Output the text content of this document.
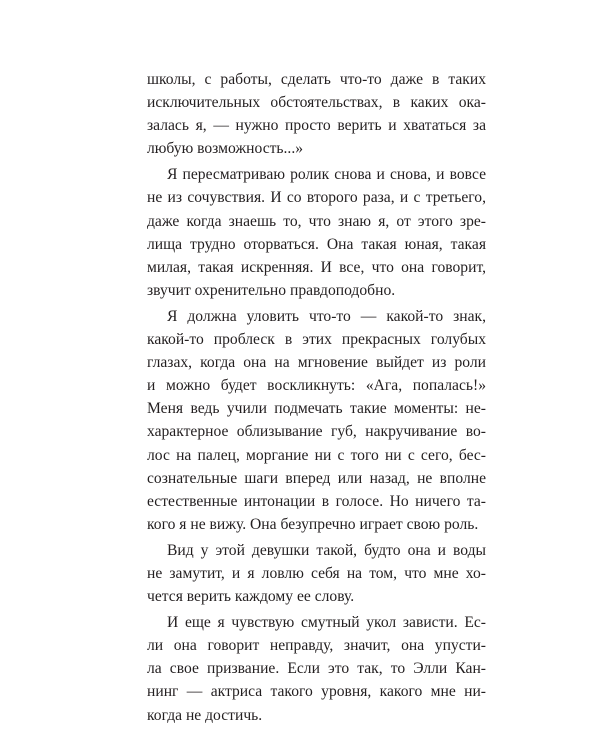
школы, с работы, сделать что-то даже в таких
исключительных обстоятельствах, в каких ока-
залась я, — нужно просто верить и хвататься за
любую возможность...»
Я пересматриваю ролик снова и снова, и вовсе
не из сочувствия. И со второго раза, и с третьего,
даже когда знаешь то, что знаю я, от этого зре-
лища трудно оторваться. Она такая юная, такая
милая, такая искренняя. И все, что она говорит,
звучит охренительно правдоподобно.
Я должна уловить что-то — какой-то знак,
какой-то проблеск в этих прекрасных голубых
глазах, когда она на мгновение выйдет из роли
и можно будет воскликнуть: «Ага, попалась!»
Меня ведь учили подмечать такие моменты: не-
характерное облизывание губ, накручивание во-
лос на палец, моргание ни с того ни с сего, бес-
сознательные шаги вперед или назад, не вполне
естественные интонации в голосе. Но ничего та-
кого я не вижу. Она безупречно играет свою роль.
Вид у этой девушки такой, будто она и воды
не замутит, и я ловлю себя на том, что мне хо-
чется верить каждому ее слову.
И еще я чувствую смутный укол зависти. Ес-
ли она говорит неправду, значит, она упусти-
ла свое призвание. Если это так, то Элли Кан-
нинг — актриса такого уровня, какого мне ни-
когда не достичь.
